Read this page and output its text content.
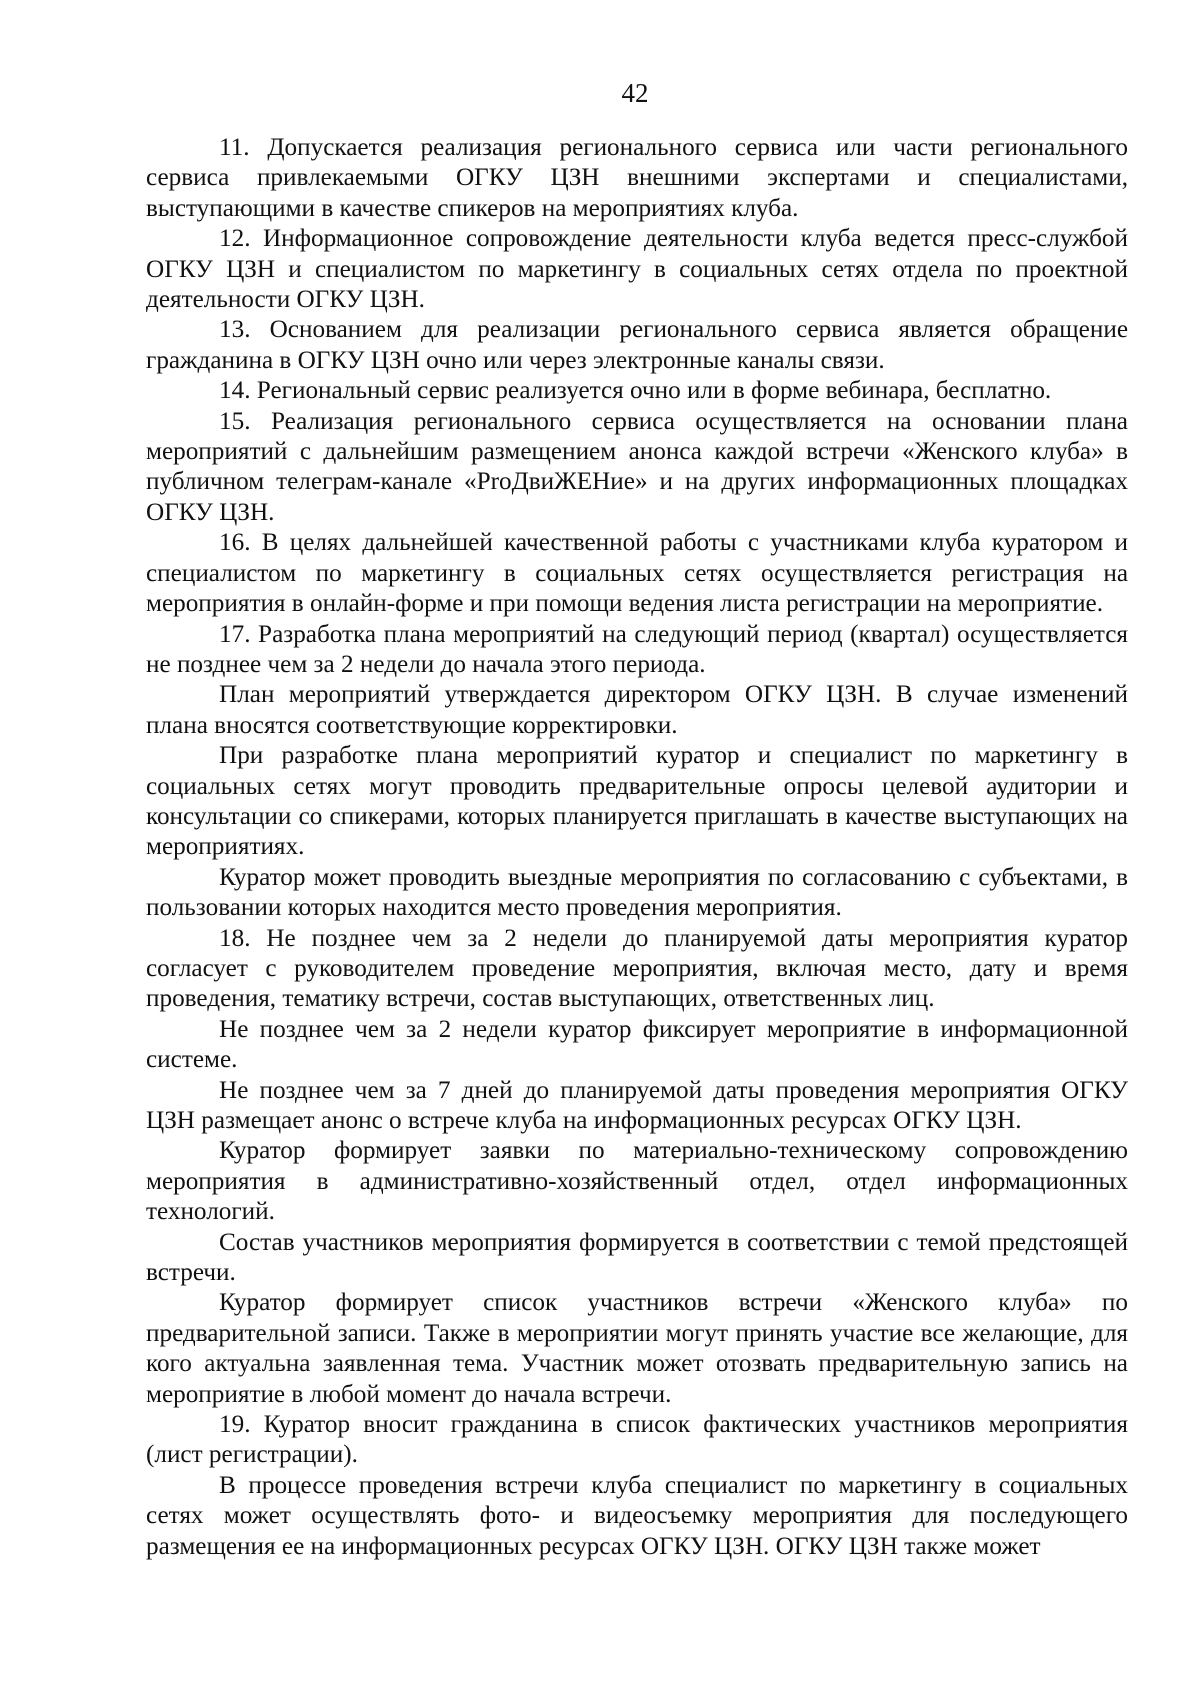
42

11. Допускается реализация регионального сервиса или части регионального сервиса привлекаемыми ОГКУ ЦЗН внешними экспертами и специалистами, выступающими в качестве спикеров на мероприятиях клуба.

12. Информационное сопровождение деятельности клуба ведется пресс-службой ОГКУ ЦЗН и специалистом по маркетингу в социальных сетях отдела по проектной деятельности ОГКУ ЦЗН.

13. Основанием для реализации регионального сервиса является обращение гражданина в ОГКУ ЦЗН очно или через электронные каналы связи.

14. Региональный сервис реализуется очно или в форме вебинара, бесплатно.

15. Реализация регионального сервиса осуществляется на основании плана мероприятий с дальнейшим размещением анонса каждой встречи «Женского клуба» в публичном телеграм-канале «ProДвиЖЕНие» и на других информационных площадках ОГКУ ЦЗН.

16. В целях дальнейшей качественной работы с участниками клуба куратором и специалистом по маркетингу в социальных сетях осуществляется регистрация на мероприятия в онлайн-форме и при помощи ведения листа регистрации на мероприятие.

17. Разработка плана мероприятий на следующий период (квартал) осуществляется не позднее чем за 2 недели до начала этого периода.

План мероприятий утверждается директором ОГКУ ЦЗН. В случае изменений плана вносятся соответствующие корректировки.

При разработке плана мероприятий куратор и специалист по маркетингу в социальных сетях могут проводить предварительные опросы целевой аудитории и консультации со спикерами, которых планируется приглашать в качестве выступающих на мероприятиях.

Куратор может проводить выездные мероприятия по согласованию с субъектами, в пользовании которых находится место проведения мероприятия.

18. Не позднее чем за 2 недели до планируемой даты мероприятия куратор согласует с руководителем проведение мероприятия, включая место, дату и время проведения, тематику встречи, состав выступающих, ответственных лиц.

Не позднее чем за 2 недели куратор фиксирует мероприятие в информационной системе.

Не позднее чем за 7 дней до планируемой даты проведения мероприятия ОГКУ ЦЗН размещает анонс о встрече клуба на информационных ресурсах ОГКУ ЦЗН.

Куратор формирует заявки по материально-техническому сопровождению мероприятия в административно-хозяйственный отдел, отдел информационных технологий.

Состав участников мероприятия формируется в соответствии с темой предстоящей встречи.

Куратор формирует список участников встречи «Женского клуба» по предварительной записи. Также в мероприятии могут принять участие все желающие, для кого актуальна заявленная тема. Участник может отозвать предварительную запись на мероприятие в любой момент до начала встречи.

19. Куратор вносит гражданина в список фактических участников мероприятия (лист регистрации).

В процессе проведения встречи клуба специалист по маркетингу в социальных сетях может осуществлять фото- и видеосъемку мероприятия для последующего размещения ее на информационных ресурсах ОГКУ ЦЗН. ОГКУ ЦЗН также может
